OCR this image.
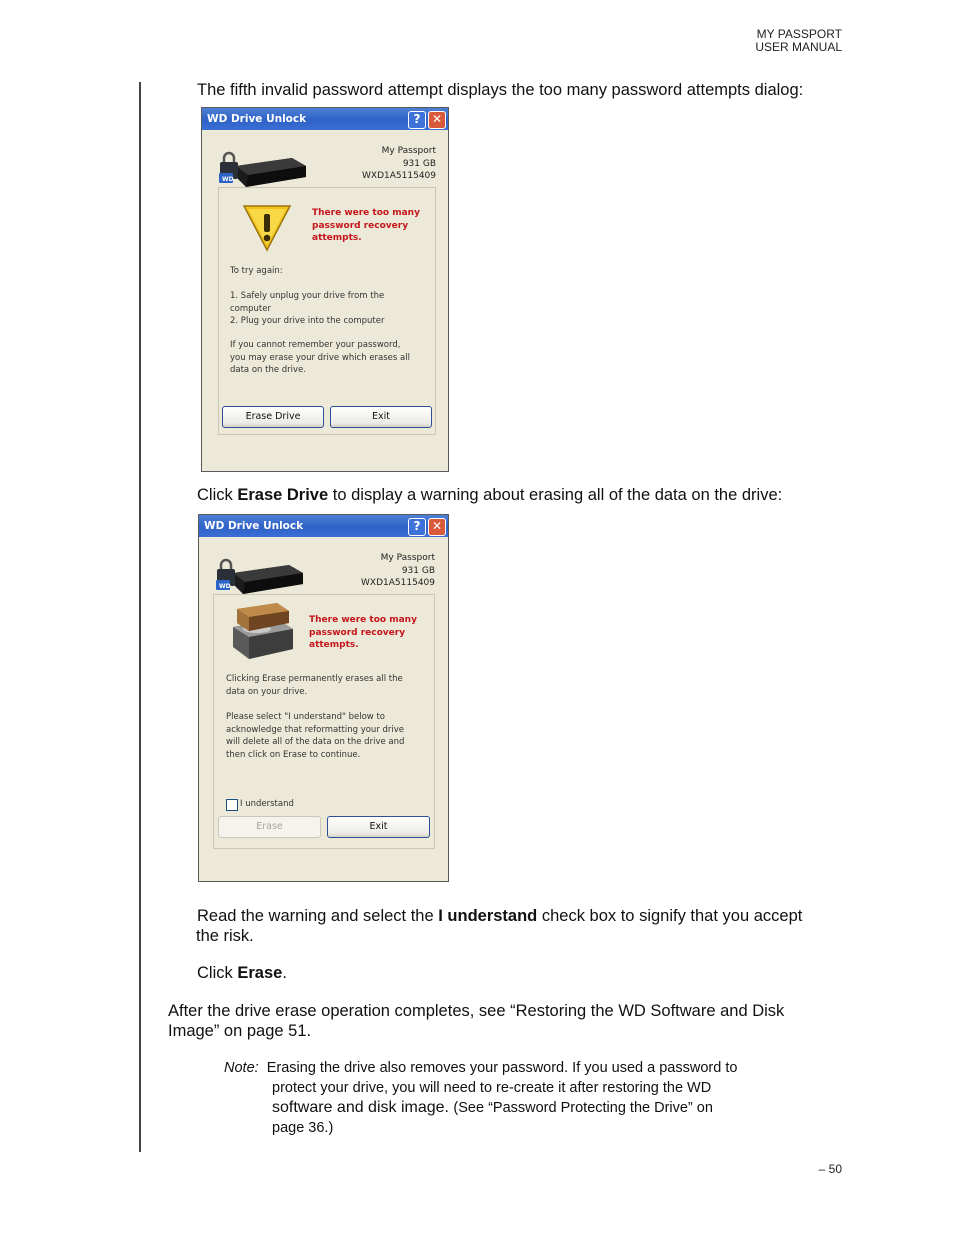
MY PASSPORT
USER MANUAL
The fifth invalid password attempt displays the too many password attempts dialog:
WD Drive Unlock	? ✕
WD
My Passport
931 GB
WXD1A5115409
There were too many
password recovery
attempts.
To try again:
1. Safely unplug your drive from the
computer
2. Plug your drive into the computer
If you cannot remember your password,
you may erase your drive which erases all
data on the drive.
Erase Drive	Exit
Click Erase Drive to display a warning about erasing all of the data on the drive:
WD Drive Unlock	? ✕
WD
My Passport
931 GB
WXD1A5115409
There were too many
password recovery
attempts.
Clicking Erase permanently erases all the
data on your drive.
Please select "I understand" below to
acknowledge that reformatting your drive
will delete all of the data on the drive and
then click on Erase to continue.
I understand
Erase	Exit
Read the warning and select the I understand check box to signify that you accept
the risk.
Click Erase.
After the drive erase operation completes, see “Restoring the WD Software and Disk
Image” on page 51.
Note: Erasing the drive also removes your password. If you used a password to
protect your drive, you will need to re-create it after restoring the WD
software and disk image. (See “Password Protecting the Drive” on
page 36.)
– 50
